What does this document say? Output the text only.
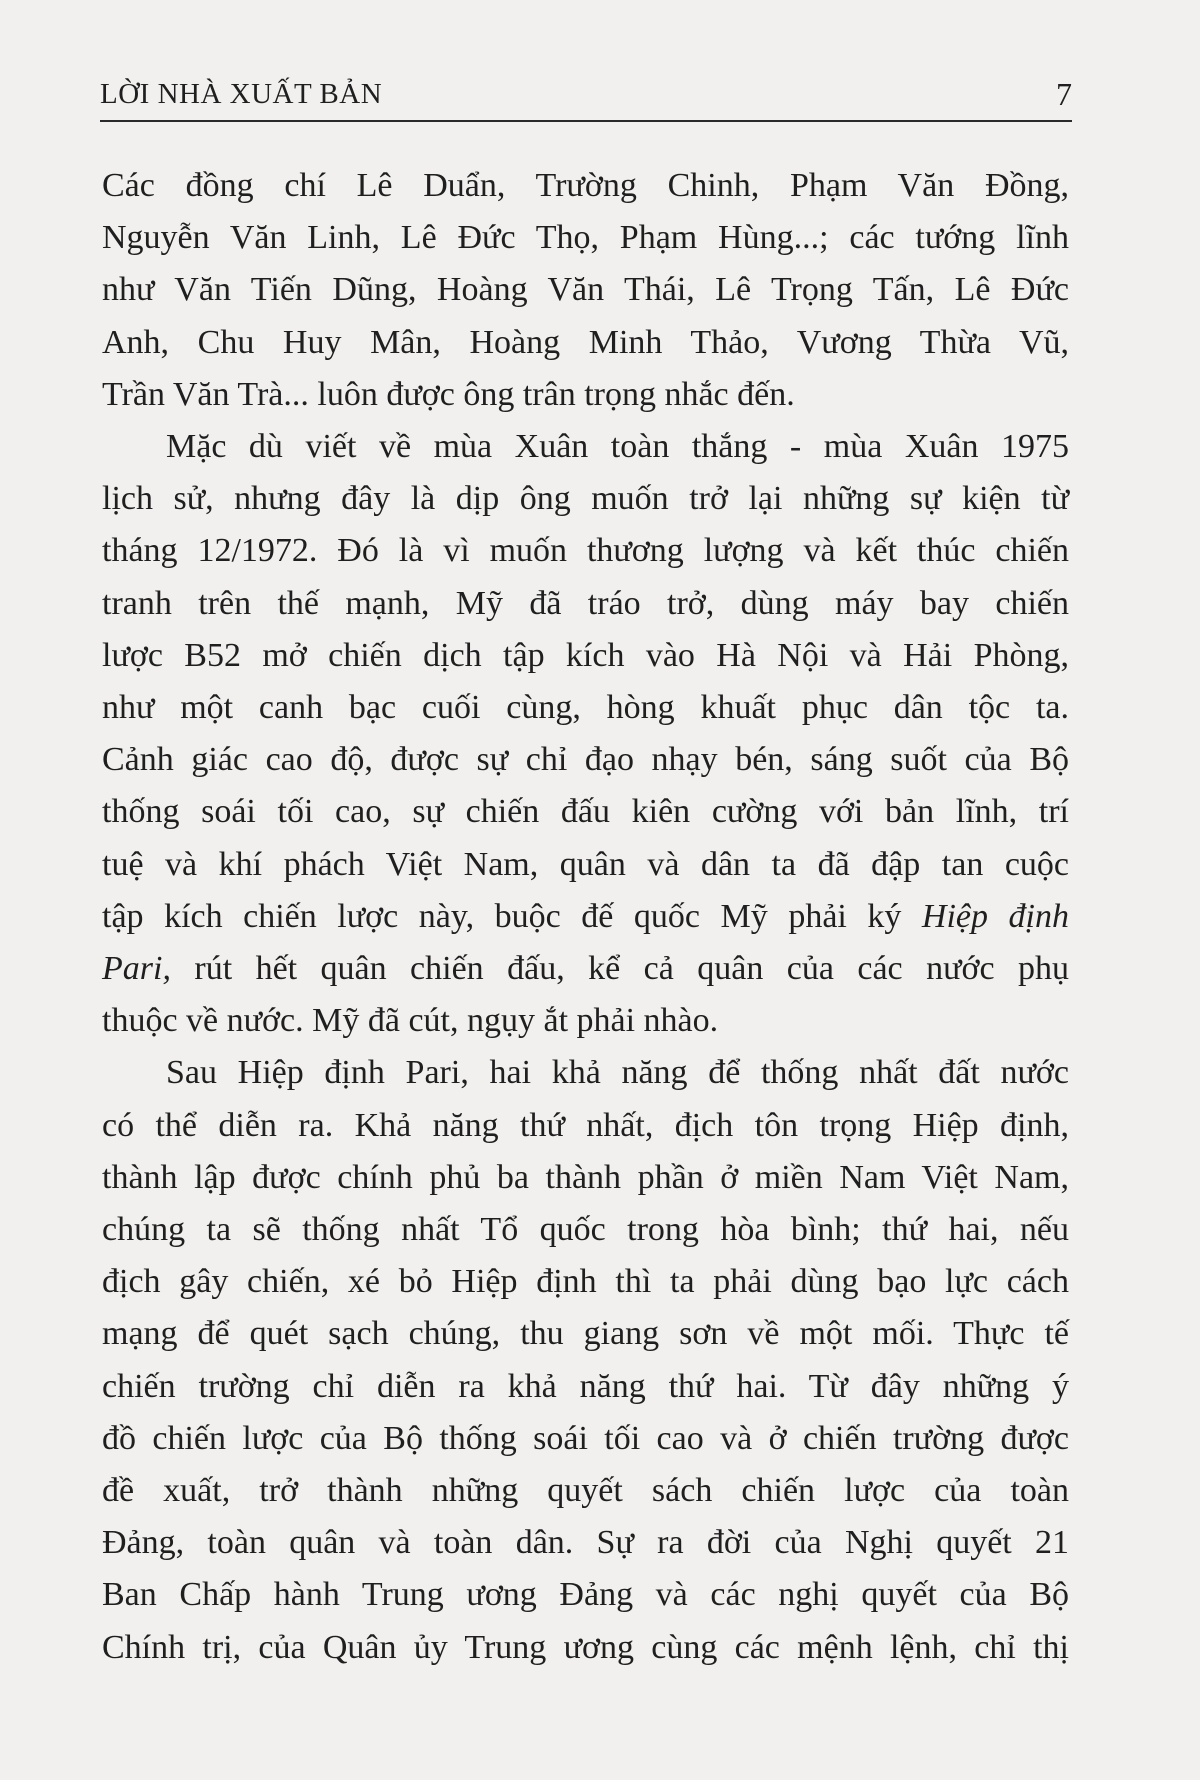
LỜI NHÀ XUẤT BẢN	7

Các đồng chí Lê Duẩn, Trường Chinh, Phạm Văn Đồng,
Nguyễn Văn Linh, Lê Đức Thọ, Phạm Hùng...; các tướng lĩnh
như Văn Tiến Dũng, Hoàng Văn Thái, Lê Trọng Tấn, Lê Đức
Anh, Chu Huy Mân, Hoàng Minh Thảo, Vương Thừa Vũ,
Trần Văn Trà... luôn được ông trân trọng nhắc đến.

Mặc dù viết về mùa Xuân toàn thắng - mùa Xuân 1975
lịch sử, nhưng đây là dịp ông muốn trở lại những sự kiện từ
tháng 12/1972. Đó là vì muốn thương lượng và kết thúc chiến
tranh trên thế mạnh, Mỹ đã tráo trở, dùng máy bay chiến
lược B52 mở chiến dịch tập kích vào Hà Nội và Hải Phòng,
như một canh bạc cuối cùng, hòng khuất phục dân tộc ta.
Cảnh giác cao độ, được sự chỉ đạo nhạy bén, sáng suốt của Bộ
thống soái tối cao, sự chiến đấu kiên cường với bản lĩnh, trí
tuệ và khí phách Việt Nam, quân và dân ta đã đập tan cuộc
tập kích chiến lược này, buộc đế quốc Mỹ phải ký Hiệp định
Pari, rút hết quân chiến đấu, kể cả quân của các nước phụ
thuộc về nước. Mỹ đã cút, ngụy ắt phải nhào.

Sau Hiệp định Pari, hai khả năng để thống nhất đất nước
có thể diễn ra. Khả năng thứ nhất, địch tôn trọng Hiệp định,
thành lập được chính phủ ba thành phần ở miền Nam Việt Nam,
chúng ta sẽ thống nhất Tổ quốc trong hòa bình; thứ hai, nếu
địch gây chiến, xé bỏ Hiệp định thì ta phải dùng bạo lực cách
mạng để quét sạch chúng, thu giang sơn về một mối. Thực tế
chiến trường chỉ diễn ra khả năng thứ hai. Từ đây những ý
đồ chiến lược của Bộ thống soái tối cao và ở chiến trường được
đề xuất, trở thành những quyết sách chiến lược của toàn
Đảng, toàn quân và toàn dân. Sự ra đời của Nghị quyết 21
Ban Chấp hành Trung ương Đảng và các nghị quyết của Bộ
Chính trị, của Quân ủy Trung ương cùng các mệnh lệnh, chỉ thị
